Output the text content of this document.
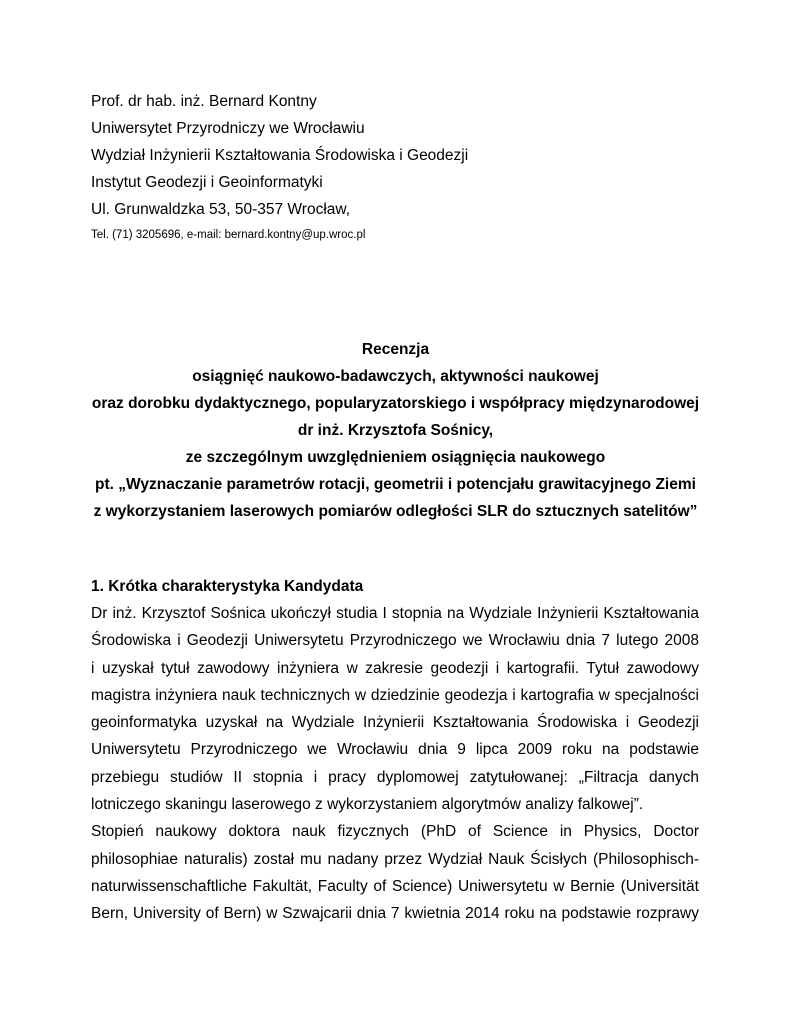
Prof. dr hab. inż. Bernard Kontny
Uniwersytet Przyrodniczy we Wrocławiu
Wydział Inżynierii Kształtowania Środowiska i Geodezji
Instytut Geodezji i Geoinformatyki
Ul. Grunwaldzka 53, 50-357 Wrocław,
Tel. (71) 3205696, e-mail: bernard.kontny@up.wroc.pl
Recenzja
osiągnięć naukowo-badawczych, aktywności naukowej
oraz dorobku dydaktycznego, popularyzatorskiego i współpracy międzynarodowej
dr inż. Krzysztofa Sośnicy,
ze szczególnym uwzględnieniem osiągnięcia naukowego
pt. „Wyznaczanie parametrów rotacji, geometrii i potencjału grawitacyjnego Ziemi
z wykorzystaniem laserowych pomiarów odległości SLR do sztucznych satelitów”
1. Krótka charakterystyka Kandydata
Dr inż. Krzysztof Sośnica ukończył studia I stopnia na Wydziale Inżynierii Kształtowania
Środowiska i Geodezji Uniwersytetu Przyrodniczego we Wrocławiu dnia 7 lutego 2008
i uzyskał tytuł zawodowy inżyniera w zakresie geodezji i kartografii. Tytuł zawodowy
magistra inżyniera nauk technicznych w dziedzinie geodezja i kartografia w specjalności
geoinformatyka uzyskał na Wydziale Inżynierii Kształtowania Środowiska i Geodezji
Uniwersytetu Przyrodniczego we Wrocławiu dnia 9 lipca 2009 roku na podstawie
przebiegu studiów II stopnia i pracy dyplomowej zatytułowanej: „Filtracja danych
lotniczego skaningu laserowego z wykorzystaniem algorytmów analizy falkowej”.
Stopień naukowy doktora nauk fizycznych (PhD of Science in Physics, Doctor
philosophiae naturalis) został mu nadany przez Wydział Nauk Ścisłych (Philosophisch-
naturwissenschaftliche Fakultät, Faculty of Science) Uniwersytetu w Bernie (Universität
Bern, University of Bern) w Szwajcarii dnia 7 kwietnia 2014 roku na podstawie rozprawy
